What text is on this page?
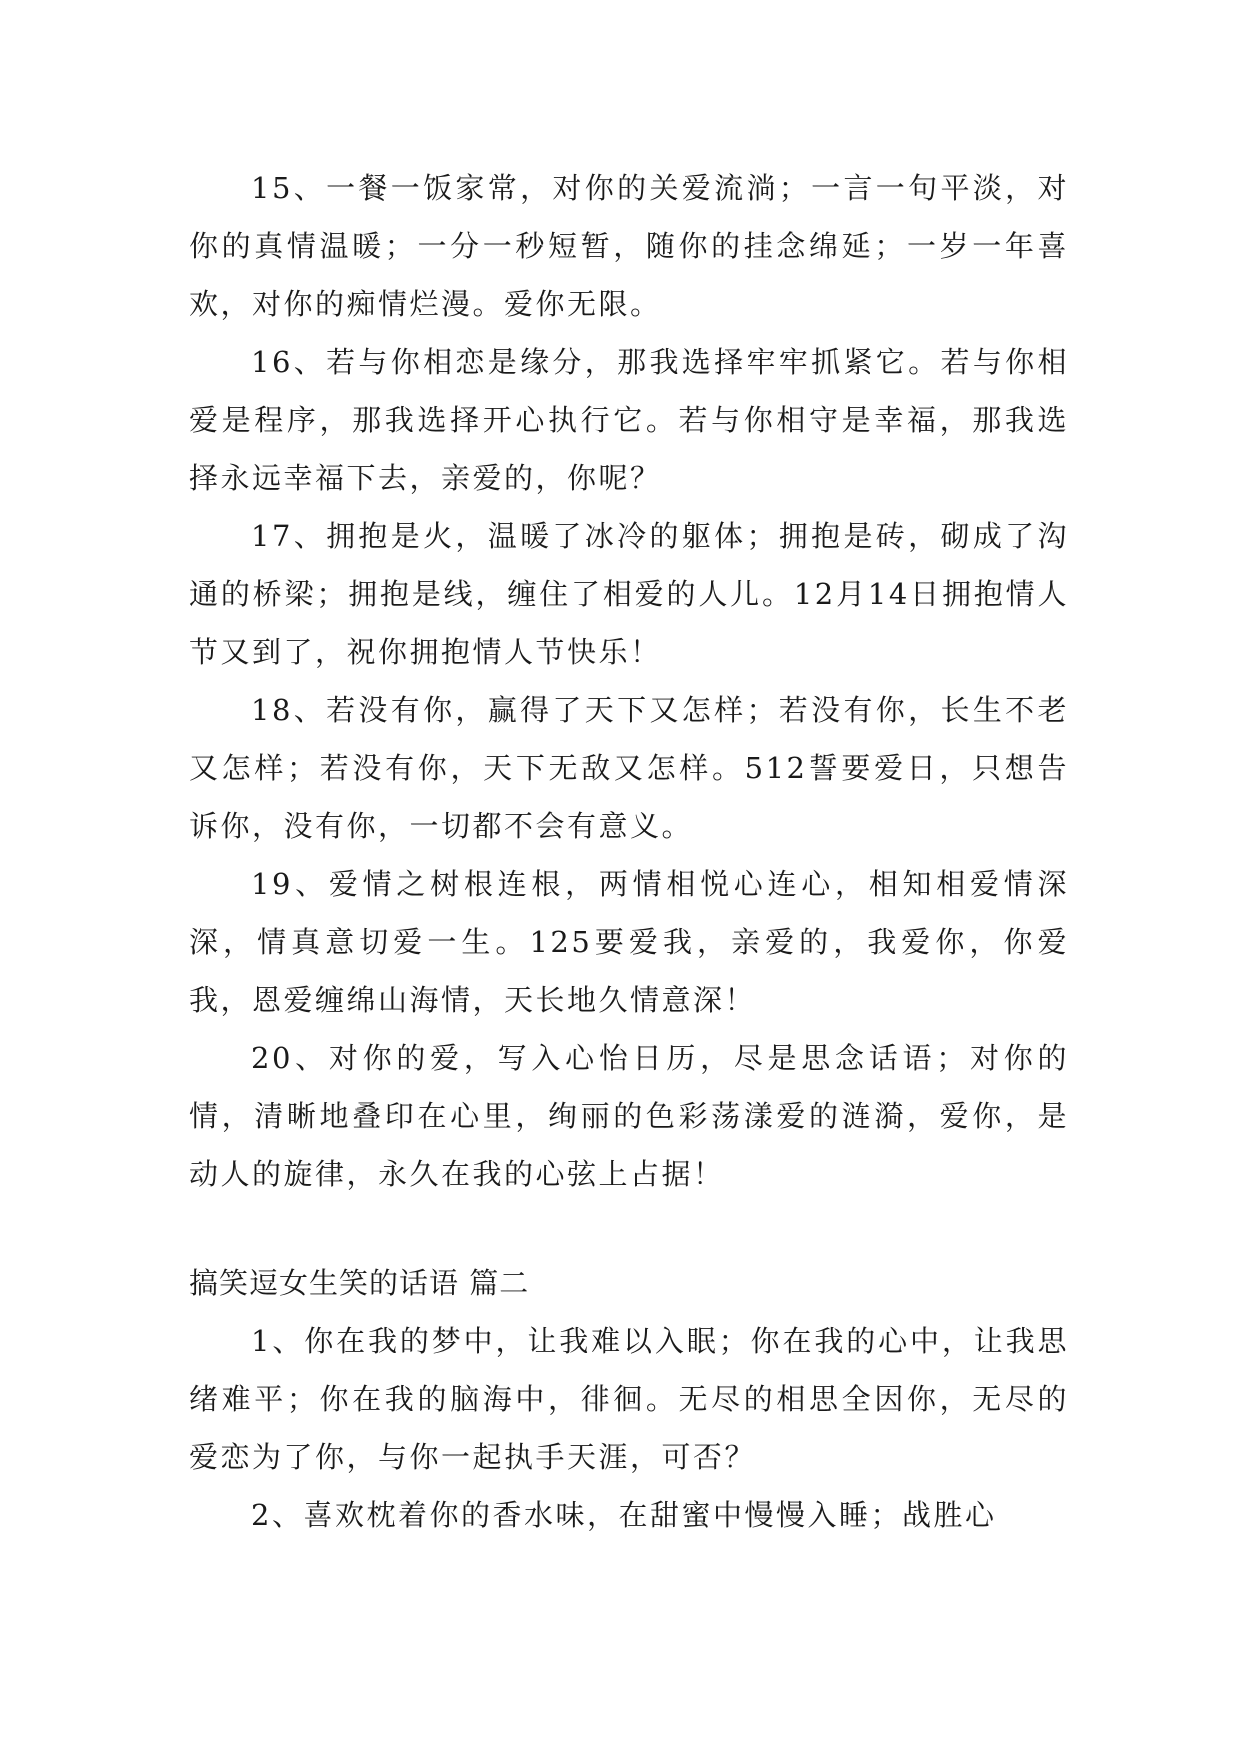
15、一餐一饭家常，对你的关爱流淌；一言一句平淡，对你的真情温暖；一分一秒短暂，随你的挂念绵延；一岁一年喜欢，对你的痴情烂漫。爱你无限。

16、若与你相恋是缘分，那我选择牢牢抓紧它。若与你相爱是程序，那我选择开心执行它。若与你相守是幸福，那我选择永远幸福下去，亲爱的，你呢？

17、拥抱是火，温暖了冰冷的躯体；拥抱是砖，砌成了沟通的桥梁；拥抱是线，缠住了相爱的人儿。12月14日拥抱情人节又到了，祝你拥抱情人节快乐！

18、若没有你，赢得了天下又怎样；若没有你，长生不老又怎样；若没有你，天下无敌又怎样。512誓要爱日，只想告诉你，没有你，一切都不会有意义。

19、爱情之树根连根，两情相悦心连心，相知相爱情深深，情真意切爱一生。125要爱我，亲爱的，我爱你，你爱我，恩爱缠绵山海情，天长地久情意深！

20、对你的爱，写入心怡日历，尽是思念话语；对你的情，清晰地叠印在心里，绚丽的色彩荡漾爱的涟漪，爱你，是动人的旋律，永久在我的心弦上占据！

搞笑逗女生笑的话语 篇二

1、你在我的梦中，让我难以入眠；你在我的心中，让我思绪难平；你在我的脑海中，徘徊。无尽的相思全因你，无尽的爱恋为了你，与你一起执手天涯，可否？

2、喜欢枕着你的香水味，在甜蜜中慢慢入睡；战胜心
